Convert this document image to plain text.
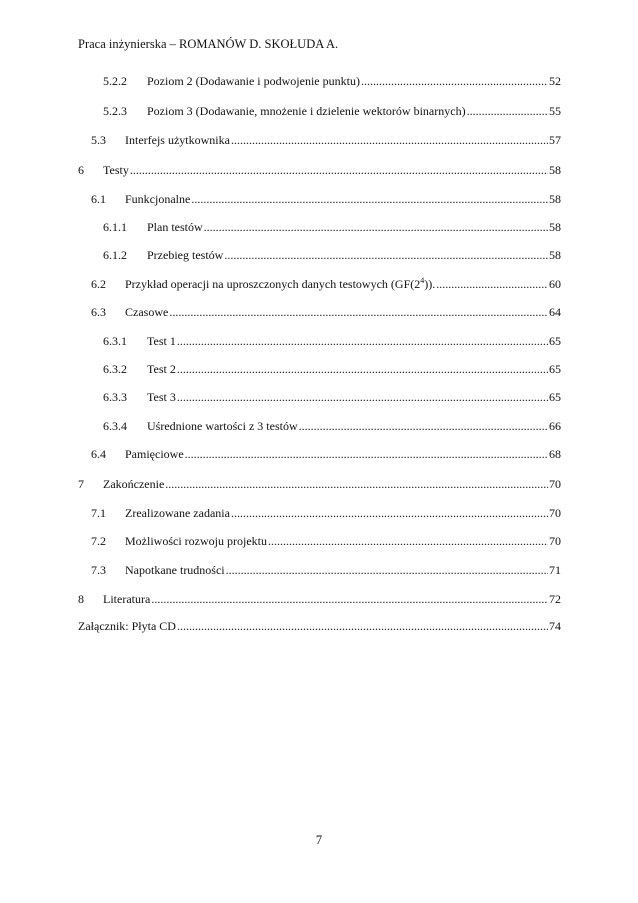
Praca inżynierska – ROMANÓW D. SKOŁUDA A.
5.2.2	Poziom 2 (Dodawanie i podwojenie punktu) .....	52
5.2.3	Poziom 3 (Dodawanie, mnożenie i dzielenie wektorów binarnych) .....	55
5.3	Interfejs użytkownika .....	57
6	Testy .....	58
6.1	Funkcjonalne .....	58
6.1.1	Plan testów .....	58
6.1.2	Przebieg testów .....	58
6.2	Przykład operacji na uproszczonych danych testowych $(GF(2^4))$. .....	60
6.3	Czasowe .....	64
6.3.1	Test 1 .....	65
6.3.2	Test 2 .....	65
6.3.3	Test 3 .....	65
6.3.4	Uśrednione wartości z 3 testów .....	66
6.4	Pamięciowe .....	68
7	Zakończenie .....	70
7.1	Zrealizowane zadania .....	70
7.2	Możliwości rozwoju projektu .....	70
7.3	Napotkane trudności .....	71
8	Literatura .....	72
Załącznik: Płyta CD .....	74
7
